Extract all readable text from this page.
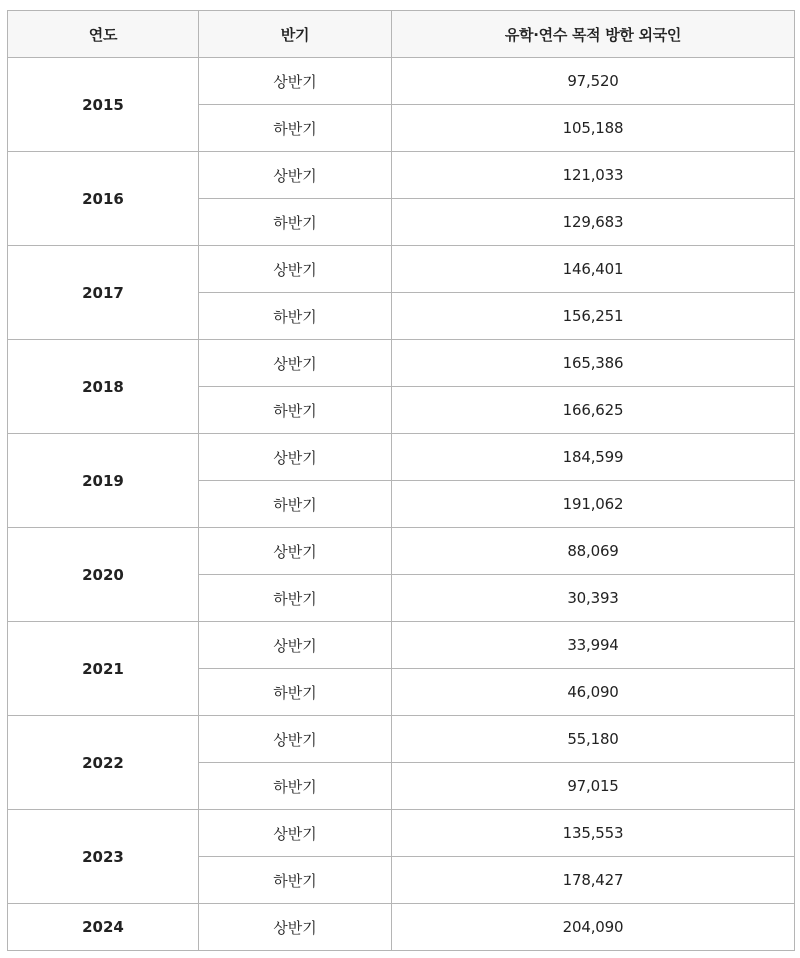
연도	반기	유학·연수 목적 방한 외국인
2015	상반기	97,520
	하반기	105,188
2016	상반기	121,033
	하반기	129,683
2017	상반기	146,401
	하반기	156,251
2018	상반기	165,386
	하반기	166,625
2019	상반기	184,599
	하반기	191,062
2020	상반기	88,069
	하반기	30,393
2021	상반기	33,994
	하반기	46,090
2022	상반기	55,180
	하반기	97,015
2023	상반기	135,553
	하반기	178,427
2024	상반기	204,090
